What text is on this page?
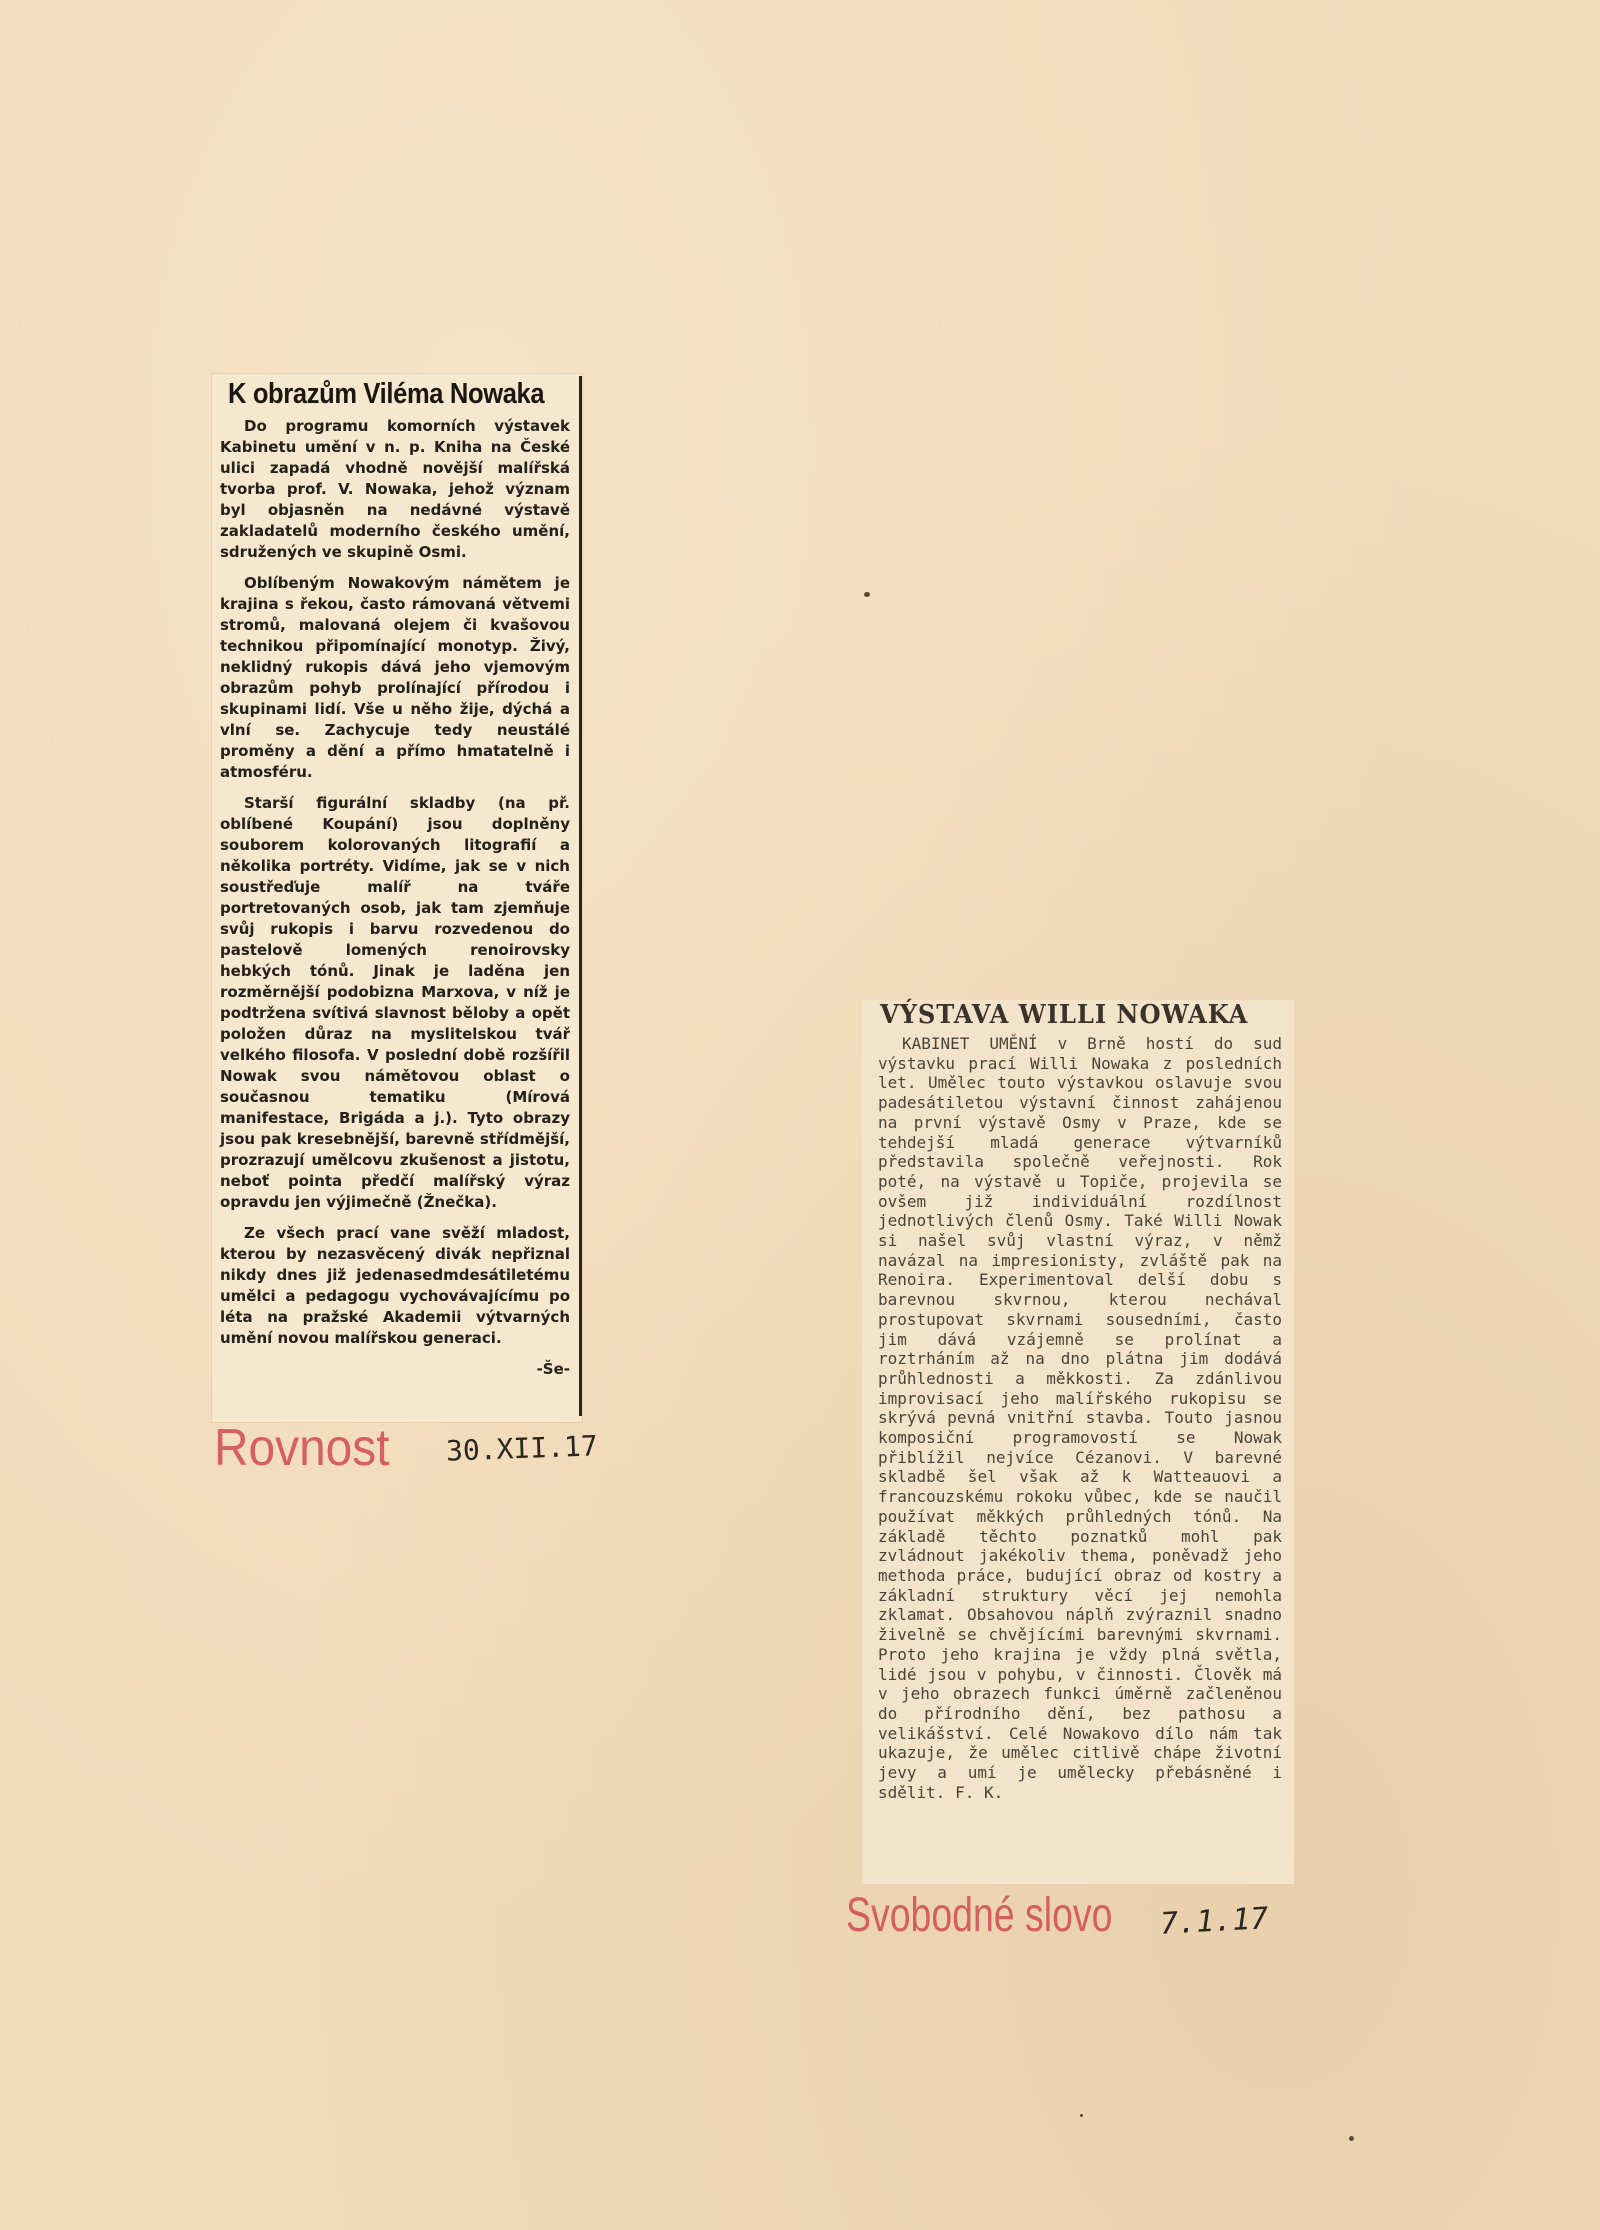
K obrazům Viléma Nowaka

Do programu komorních výstavek Kabinetu umění v n. p. Kniha na České ulici zapadá vhodně novější malířská tvorba prof. V. Nowaka, jehož význam byl objasněn na nedávné výstavě zakladatelů moderního českého umění, sdružených ve skupině Osmi.

Oblíbeným Nowakovým námětem je krajina s řekou, často rámovaná větvemi stromů, malovaná olejem či kvašovou technikou připomínající monotyp. Živý, neklidný rukopis dává jeho vjemovým obrazům pohyb prolínající přírodou i skupinami lidí. Vše u něho žije, dýchá a vlní se. Zachycuje tedy neustálé proměny a dění a přímo hmatatelně i atmosféru.

Starší figurální skladby (na př. oblíbené Koupání) jsou doplněny souborem kolorovaných litografií a několika portréty. Vidíme, jak se v nich soustřeďuje malíř na tváře portretovaných osob, jak tam zjemňuje svůj rukopis i barvu rozvedenou do pastelově lomených renoirovsky hebkých tónů. Jinak je laděna jen rozměrnější podobizna Marxova, v níž je podtržena svítivá slavnost běloby a opět položen důraz na myslitelskou tvář velkého filosofa. V poslední době rozšířil Nowak svou námětovou oblast o současnou tematiku (Mírová manifestace, Brigáda a j.). Tyto obrazy jsou pak kresebnější, barevně střídmější, prozrazují umělcovu zkušenost a jistotu, neboť pointa předčí malířský výraz opravdu jen výjimečně (Žnečka).

Ze všech prací vane svěží mladost, kterou by nezasvěcený divák nepřiznal nikdy dnes již jedenasedmdesátiletému umělci a pedagogu vychovávajícímu po léta na pražské Akademii výtvarných umění novou malířskou generaci.

-Še-
Rovnost 30.XII.17
VÝSTAVA WILLI NOWAKA

KABINET UMĚNÍ v Brně hostí do sud výstavku prací Willi Nowaka z posledních let. Umělec touto výstavkou oslavuje svou padesátiletou výstavní činnost zahájenou na první výstavě Osmy v Praze, kde se tehdejší mladá generace výtvarníků představila společně veřejnosti. Rok poté, na výstavě u Topiče, projevila se ovšem již individuální rozdílnost jednotlivých členů Osmy. Také Willi Nowak si našel svůj vlastní výraz, v němž navázal na impresionisty, zvláště pak na Renoira. Experimentoval delší dobu s barevnou skvrnou, kterou nechával prostupovat skvrnami sousedními, často jim dává vzájemně se prolínat a roztrháním až na dno plátna jim dodává průhlednosti a měkkosti. Za zdánlivou improvisací jeho malířského rukopisu se skrývá pevná vnitřní stavba. Touto jasnou komposiční programovostí se Nowak přiblížil nejvíce Cézanovi. V barevné skladbě šel však až k Watteauovi a francouzskému rokoku vůbec, kde se naučil používat měkkých průhledných tónů. Na základě těchto poznatků mohl pak zvládnout jakékoliv thema, poněvadž jeho methoda práce, budující obraz od kostry a základní struktury věcí jej nemohla zklamat. Obsahovou náplň zvýraznil snadno živelně se chvějícími barevnými skvrnami. Proto jeho krajina je vždy plná světla, lidé jsou v pohybu, v činnosti. Člověk má v jeho obrazech funkci úměrně začleněnou do přírodního dění, bez pathosu a velikášství. Celé Nowakovo dílo nám tak ukazuje, že umělec citlivě chápe životní jevy a umí je umělecky přebásněné i sdělit. F. K.

Svobodné slovo 7.1.17
